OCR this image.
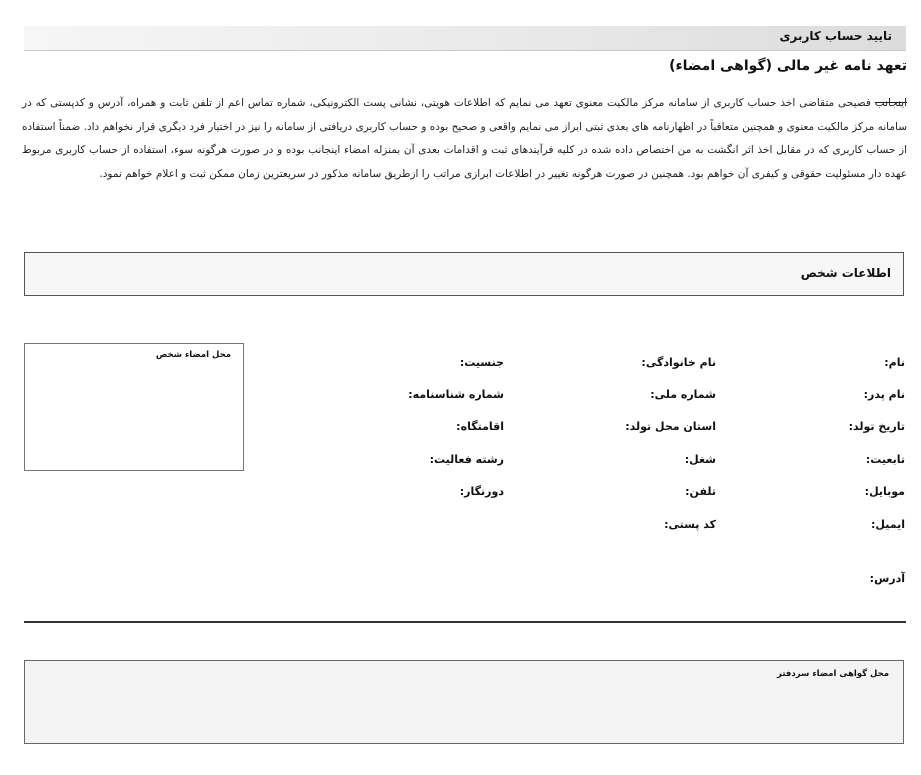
تایید حساب کاربری
تعهد نامه غیر مالی (گواهی امضاء)
اینجانب فصیحی متقاضی اخذ حساب کاربری از سامانه مرکز مالکیت معنوی تعهد می نمایم که اطلاعات هویتی، نشانی پست الکترونیکی، شماره تماس اعم از تلفن ثابت و همراه، آدرس و کدپستی که در سامانه مرکز مالکیت معنوی و همچنین متعاقباً در اظهارنامه های بعدی ثبتی ابراز می نمایم واقعی و صحیح بوده و حساب کاربری دریافتی از سامانه را نیز در اختیار فرد دیگری قرار نخواهم داد. ضمناً استفاده از حساب کاربری که در مقابل اخذ اثر انگشت به من اختصاص داده شده در کلیه فرآیندهای ثبت و اقدامات بعدی آن بمنزله امضاء اینجانب بوده و در صورت هرگونه سوء، استفاده از حساب کاربری مربوط عهده دار مسئولیت حقوقی و کیفری آن خواهم بود. همچنین در صورت هرگونه تغییر در اطلاعات ابرازی مراتب را ازطریق سامانه مذکور در سریعترین زمان ممکن ثبت و اعلام خواهم نمود.
اطلاعات شخص
نام:
نام پدر:
تاریخ تولد:
تابعیت:
موبایل:
ایمیل:
آدرس:
نام خانوادگی:
شماره ملی:
استان محل تولد:
شغل:
تلفن:
کد پستی:
جنسیت:
شماره شناسنامه:
اقامتگاه:
رشته فعالیت:
دورنگار:
محل امضاء شخص
محل گواهی امضاء سردفتر
